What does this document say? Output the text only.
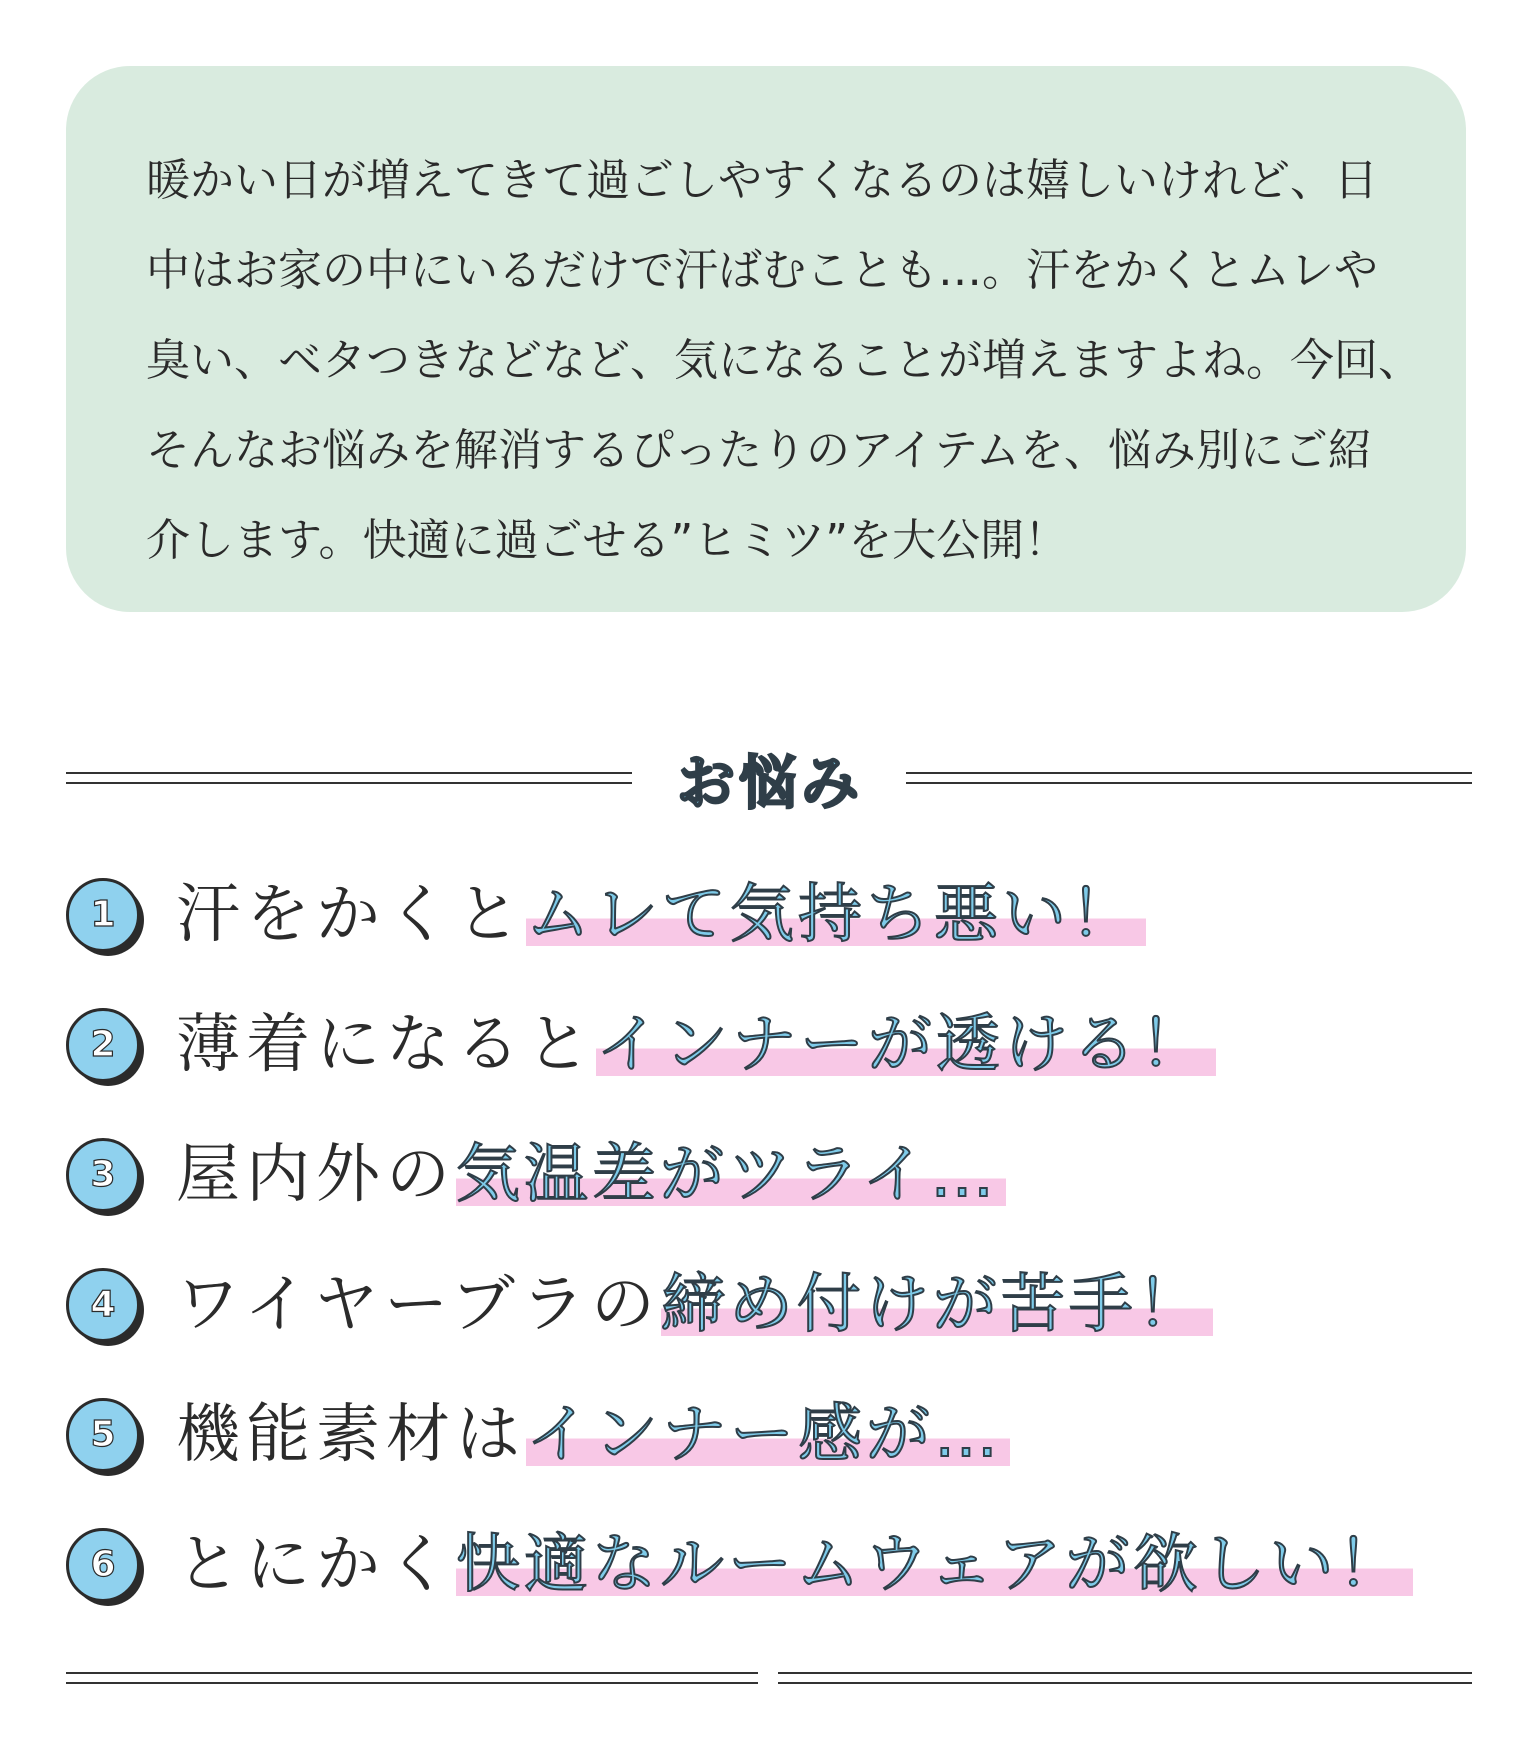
暖かい日が増えてきて過ごしやすくなるのは嬉しいけれど、日
中はお家の中にいるだけで汗ばむことも…。汗をかくとムレや
臭い、ベタつきなどなど、気になることが増えますよね。今回、
そんなお悩みを解消するぴったりのアイテムを、悩み別にご紹
介します。快適に過ごせる”ヒミツ”を大公開！
お悩み
1 汗をかくとムレて気持ち悪い！
2 薄着になるとインナーが透ける！
3 屋内外の気温差がツライ…
4 ワイヤーブラの締め付けが苦手！
5 機能素材はインナー感が…
6 とにかく快適なルームウェアが欲しい！
